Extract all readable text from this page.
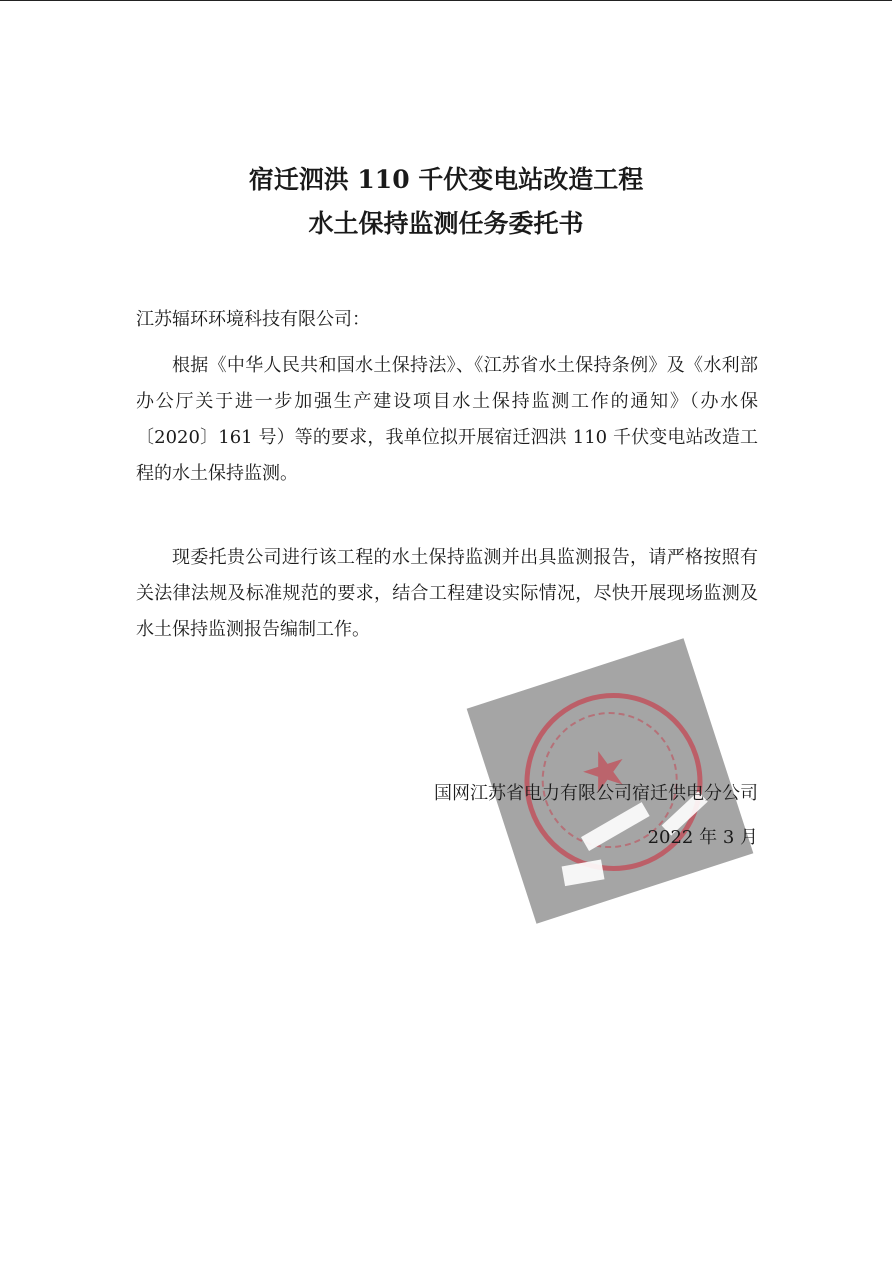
宿迁泗洪 110 千伏变电站改造工程
水土保持监测任务委托书
江苏辐环环境科技有限公司：
根据《中华人民共和国水土保持法》、《江苏省水土保持条例》及《水利部办公厅关于进一步加强生产建设项目水土保持监测工作的通知》（办水保〔2020〕161 号）等的要求，我单位拟开展宿迁泗洪 110 千伏变电站改造工程的水土保持监测。
现委托贵公司进行该工程的水土保持监测并出具监测报告，请严格按照有关法律法规及标准规范的要求，结合工程建设实际情况，尽快开展现场监测及水土保持监测报告编制工作。
★
国网江苏省电力有限公司宿迁供电分公司
2022 年 3 月
